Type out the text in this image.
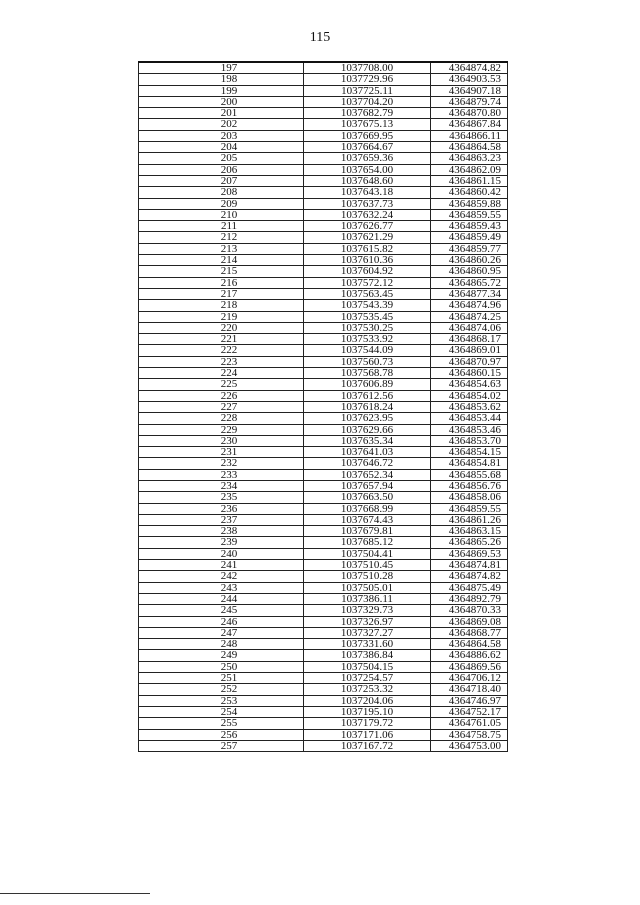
115
197	1037708.00	4364874.82
198	1037729.96	4364903.53
199	1037725.11	4364907.18
200	1037704.20	4364879.74
201	1037682.79	4364870.80
202	1037675.13	4364867.84
203	1037669.95	4364866.11
204	1037664.67	4364864.58
205	1037659.36	4364863.23
206	1037654.00	4364862.09
207	1037648.60	4364861.15
208	1037643.18	4364860.42
209	1037637.73	4364859.88
210	1037632.24	4364859.55
211	1037626.77	4364859.43
212	1037621.29	4364859.49
213	1037615.82	4364859.77
214	1037610.36	4364860.26
215	1037604.92	4364860.95
216	1037572.12	4364865.72
217	1037563.45	4364877.34
218	1037543.39	4364874.96
219	1037535.45	4364874.25
220	1037530.25	4364874.06
221	1037533.92	4364868.17
222	1037544.09	4364869.01
223	1037560.73	4364870.97
224	1037568.78	4364860.15
225	1037606.89	4364854.63
226	1037612.56	4364854.02
227	1037618.24	4364853.62
228	1037623.95	4364853.44
229	1037629.66	4364853.46
230	1037635.34	4364853.70
231	1037641.03	4364854.15
232	1037646.72	4364854.81
233	1037652.34	4364855.68
234	1037657.94	4364856.76
235	1037663.50	4364858.06
236	1037668.99	4364859.55
237	1037674.43	4364861.26
238	1037679.81	4364863.15
239	1037685.12	4364865.26
240	1037504.41	4364869.53
241	1037510.45	4364874.81
242	1037510.28	4364874.82
243	1037505.01	4364875.49
244	1037386.11	4364892.79
245	1037329.73	4364870.33
246	1037326.97	4364869.08
247	1037327.27	4364868.77
248	1037331.60	4364864.58
249	1037386.84	4364886.62
250	1037504.15	4364869.56
251	1037254.57	4364706.12
252	1037253.32	4364718.40
253	1037204.06	4364746.97
254	1037195.10	4364752.17
255	1037179.72	4364761.05
256	1037171.06	4364758.75
257	1037167.72	4364753.00
